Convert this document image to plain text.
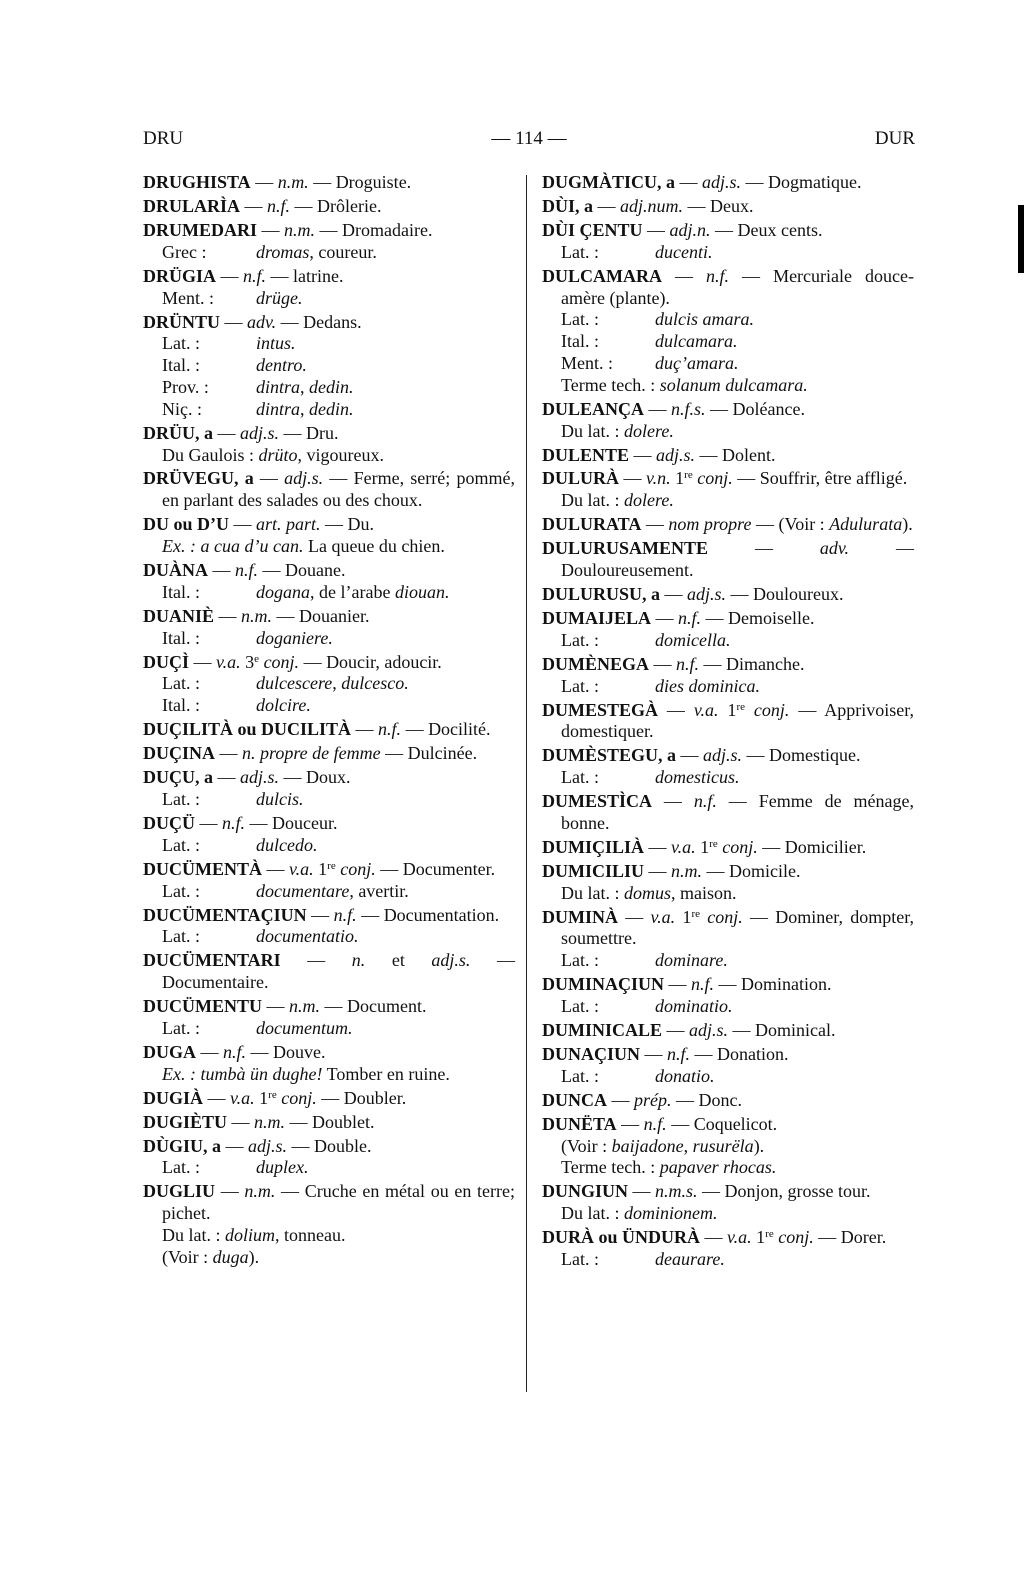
DRU	— 114 —	DUR
DRUGHISTA — n.m. — Droguiste.
DRULARÌA — n.f. — Drôlerie.
DRUMEDARI — n.m. — Dromadaire.
Grec :	dromas, coureur.
DRÜGIA — n.f. — latrine.
Ment. :	drüge.
DRÜNTU — adv. — Dedans.
Lat. :	intus.
Ital. :	dentro.
Prov. :	dintra, dedin.
Niç. :	dintra, dedin.
DRÜU, a — adj.s. — Dru.
Du Gaulois : drüto, vigoureux.
DRÜVEGU, a — adj.s. — Ferme, serré; pommé, en parlant des salades ou des choux.
DU ou D’U — art. part. — Du.
Ex. : a cua d’u can. La queue du chien.
DUÀNA — n.f. — Douane.
Ital. :	dogana, de l’arabe diouan.
DUANIÈ — n.m. — Douanier.
Ital. :	doganiere.
DUÇÌ — v.a. 3e conj. — Doucir, adoucir.
Lat. :	dulcescere, dulcesco.
Ital. :	dolcire.
DUÇILITÀ ou DUCILITÀ — n.f. — Docilité.
DUÇINA — n. propre de femme — Dulcinée.
DUÇU, a — adj.s. — Doux.
Lat. :	dulcis.
DUÇÜ — n.f. — Douceur.
Lat. :	dulcedo.
DUCÜMENTÀ — v.a. 1re conj. — Documenter.
Lat. :	documentare, avertir.
DUCÜMENTAÇIUN — n.f. — Documentation.
Lat. :	documentatio.
DUCÜMENTARI — n. et adj.s. — Documentaire.
DUCÜMENTU — n.m. — Document.
Lat. :	documentum.
DUGA — n.f. — Douve.
Ex. : tumbà ün dughe! Tomber en ruine.
DUGIÀ — v.a. 1re conj. — Doubler.
DUGIÈTU — n.m. — Doublet.
DÙGIU, a — adj.s. — Double.
Lat. :	duplex.
DUGLIU — n.m. — Cruche en métal ou en terre; pichet.
Du lat. : dolium, tonneau.
(Voir : duga).
DUGMÀTICU, a — adj.s. — Dogmatique.
DÙI, a — adj.num. — Deux.
DÙI ÇENTU — adj.n. — Deux cents.
Lat. :	ducenti.
DULCAMARA — n.f. — Mercuriale douce-amère (plante).
Lat. :	dulcis amara.
Ital. :	dulcamara.
Ment. :	duç’amara.
Terme tech. : solanum dulcamara.
DULEANÇA — n.f.s. — Doléance.
Du lat. : dolere.
DULENTE — adj.s. — Dolent.
DULURÀ — v.n. 1re conj. — Souffrir, être affligé.
Du lat. : dolere.
DULURATA — nom propre — (Voir : Adulurata).
DULURUSAMENTE — adv. — Douloureusement.
DULURUSU, a — adj.s. — Douloureux.
DUMAIJELA — n.f. — Demoiselle.
Lat. :	domicella.
DUMÈNEGA — n.f. — Dimanche.
Lat. :	dies dominica.
DUMESTEGÀ — v.a. 1re conj. — Apprivoiser, domestiquer.
DUMÈSTEGU, a — adj.s. — Domestique.
Lat. :	domesticus.
DUMESTÌCA — n.f. — Femme de ménage, bonne.
DUMIÇILIÀ — v.a. 1re conj. — Domicilier.
DUMICILIU — n.m. — Domicile.
Du lat. : domus, maison.
DUMINÀ — v.a. 1re conj. — Dominer, dompter, soumettre.
Lat. :	dominare.
DUMINAÇIUN — n.f. — Domination.
Lat. :	dominatio.
DUMINICALE — adj.s. — Dominical.
DUNAÇIUN — n.f. — Donation.
Lat. :	donatio.
DUNCA — prép. — Donc.
DUNËTA — n.f. — Coquelicot.
(Voir : baijadone, rusurëla).
Terme tech. : papaver rhocas.
DUNGIUN — n.m.s. — Donjon, grosse tour.
Du lat. : dominionem.
DURÀ ou ÜNDURÀ — v.a. 1re conj. — Dorer.
Lat. :	deaurare.
